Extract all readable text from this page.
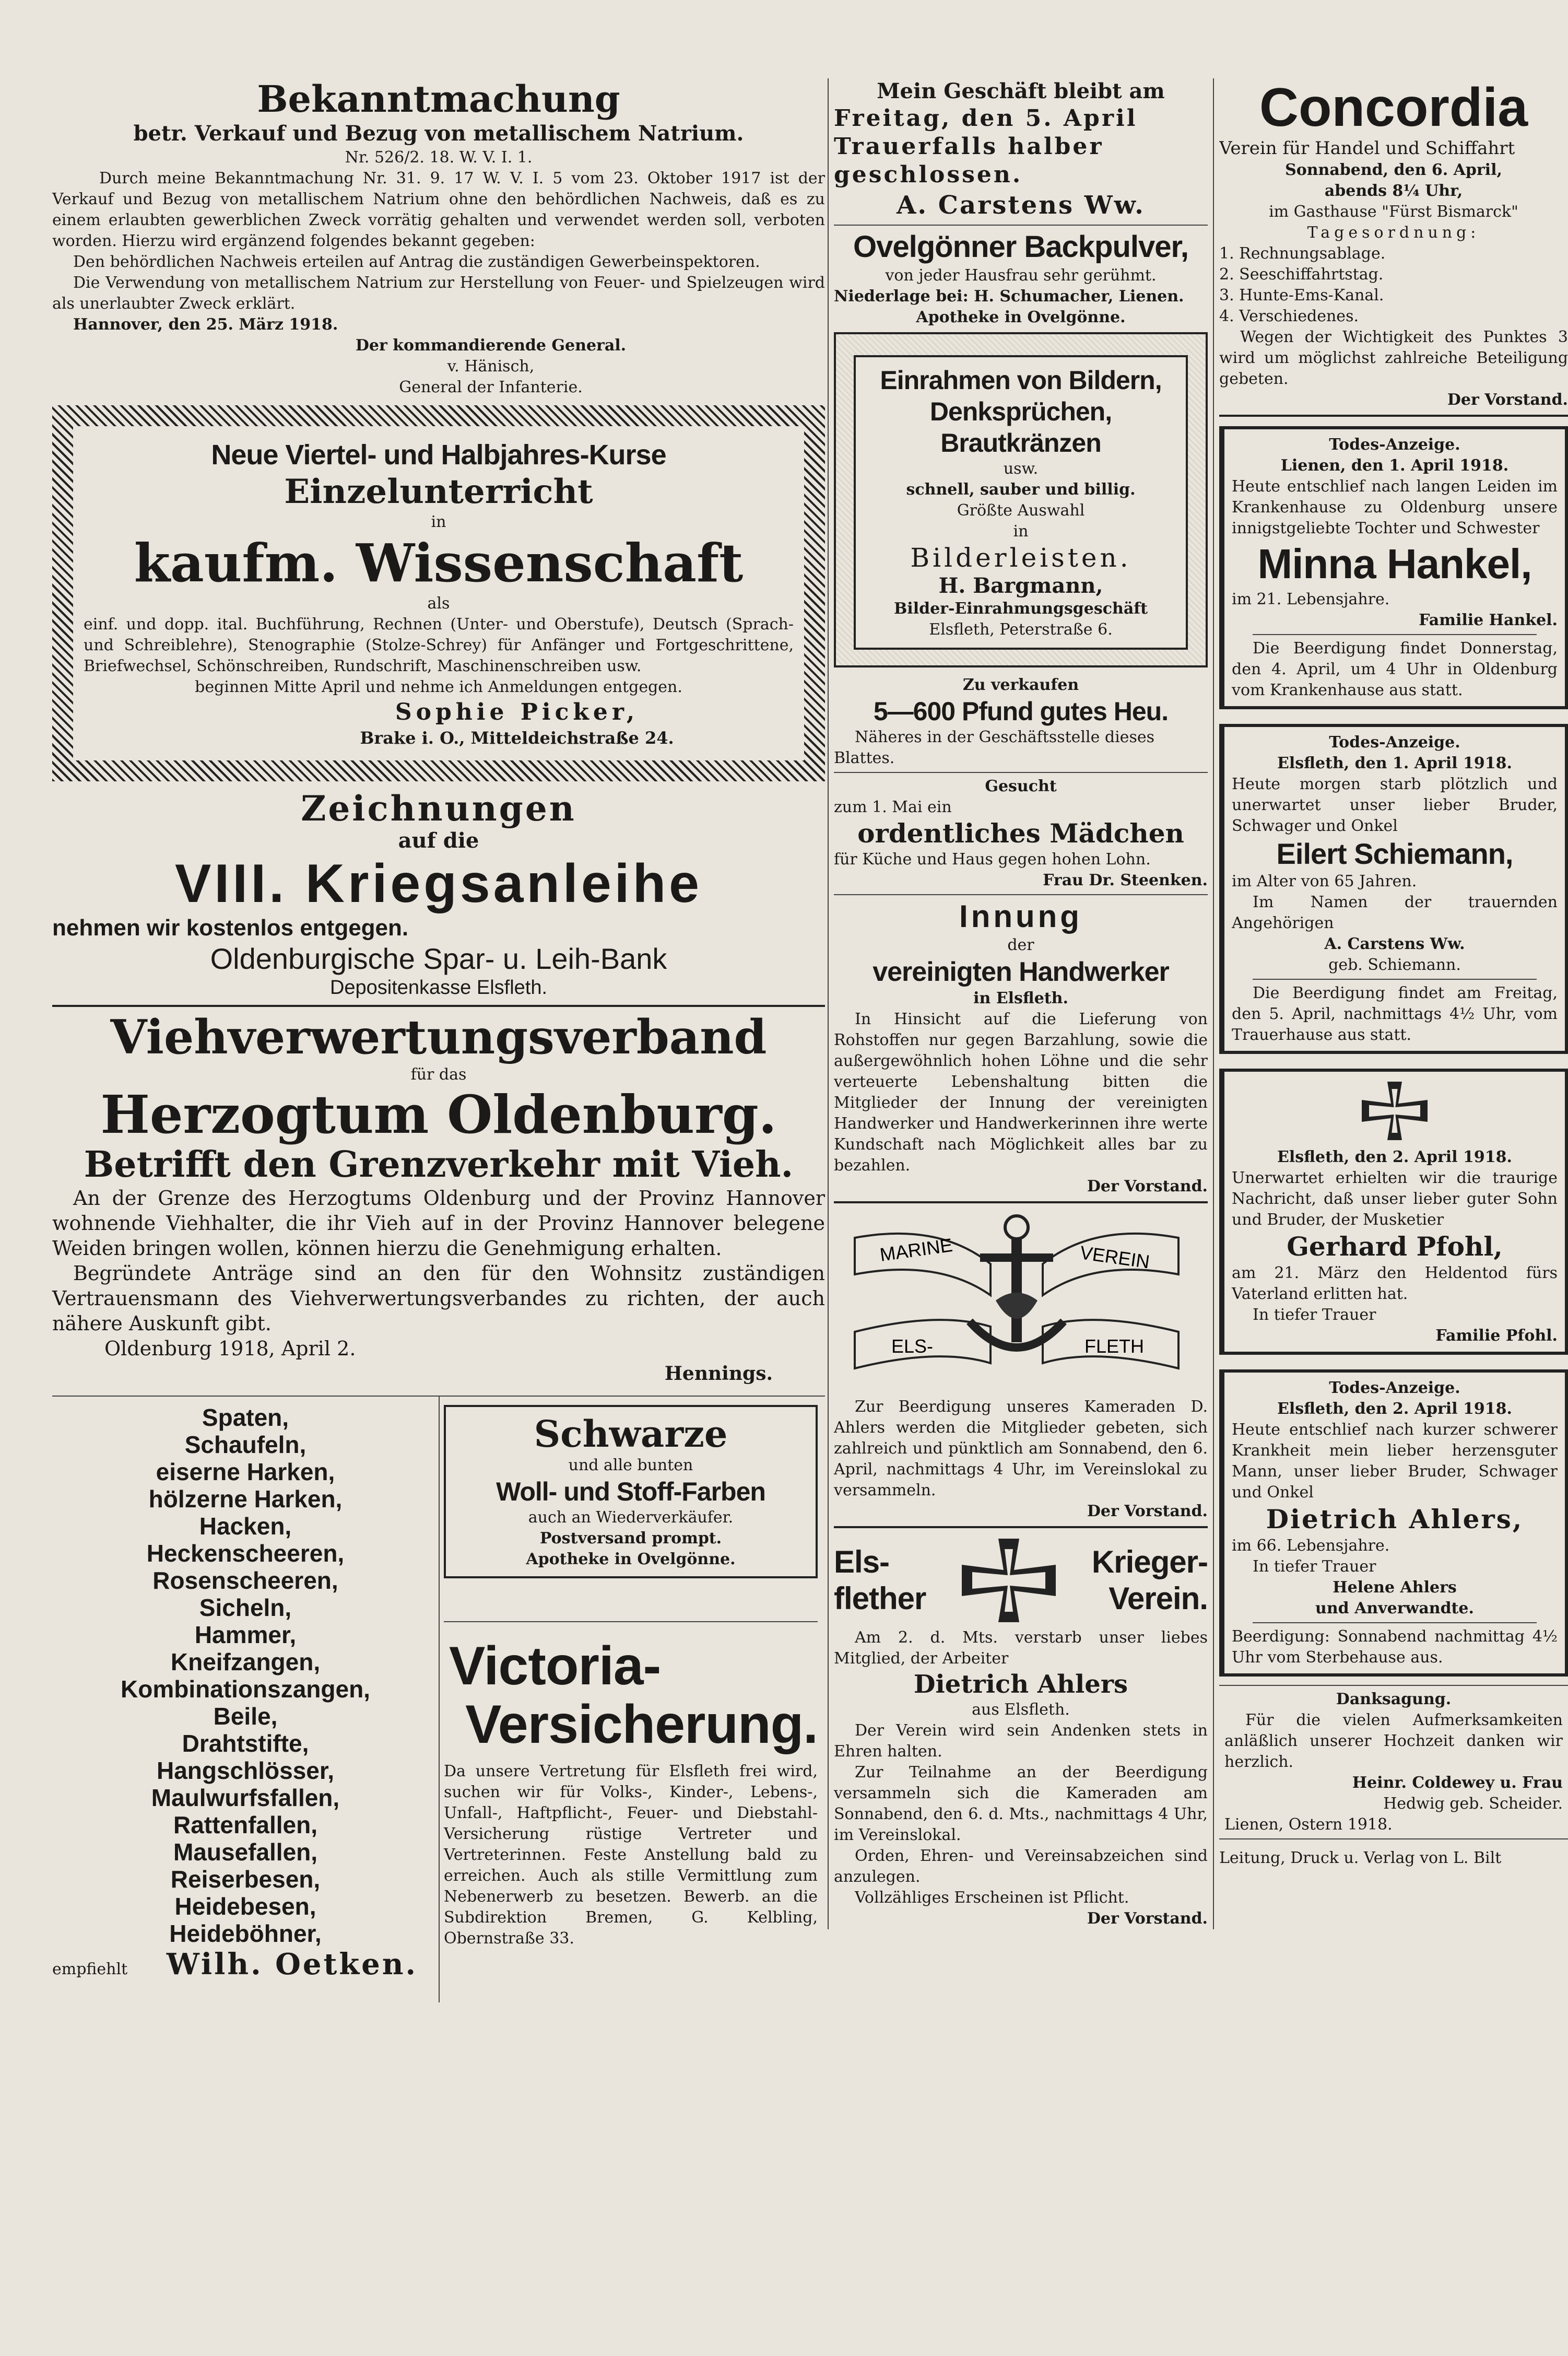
Bekanntmachung

betr. Verkauf und Bezug von metallischem Natrium.

Nr. 526/2. 18. W. V. I. 1.

Durch meine Bekanntmachung Nr. 31. 9. 17 W. V. I. 5 vom 23. Oktober 1917 ist der Verkauf und Bezug von metallischem Natrium ohne den behördlichen Nachweis, daß es zu einem erlaubten gewerblichen Zweck vorrätig gehalten und verwendet werden soll, verboten worden. Hierzu wird ergänzend folgendes bekannt gegeben:

Den behördlichen Nachweis erteilen auf Antrag die zuständigen Gewerbeinspektoren.

Die Verwendung von metallischem Natrium zur Herstellung von Feuer- und Spielzeugen wird als unerlaubter Zweck erklärt.

Hannover, den 25. März 1918.

Der kommandierende General.

v. Hänisch,

General der Infanterie.

Neue Viertel- und Halbjahres-Kurse

Einzelunterricht

in

kaufm. Wissenschaft

als

einf. und dopp. ital. Buchführung, Rechnen (Unter- und Oberstufe), Deutsch (Sprach- und Schreiblehre), Stenographie (Stolze-Schrey) für Anfänger und Fortgeschrittene, Briefwechsel, Schönschreiben, Rundschrift, Maschinenschreiben usw.

beginnen Mitte April und nehme ich Anmeldungen entgegen.

Sophie Picker,

Brake i. O., Mitteldeichstraße 24.

Zeichnungen

auf die

VIII. Kriegsanleihe

nehmen wir kostenlos entgegen.

Oldenburgische Spar- u. Leih-Bank

Depositenkasse Elsfleth.

Viehverwertungsverband

für das

Herzogtum Oldenburg.

Betrifft den Grenzverkehr mit Vieh.

An der Grenze des Herzogtums Oldenburg und der Provinz Hannover wohnende Viehhalter, die ihr Vieh auf in der Provinz Hannover belegene Weiden bringen wollen, können hierzu die Genehmigung erhalten.

Begründete Anträge sind an den für den Wohnsitz zuständigen Vertrauensmann des Viehverwertungsverbandes zu richten, der auch nähere Auskunft gibt.

Oldenburg 1918, April 2.

Hennings.

Spaten,

Schaufeln,

eiserne Harken,

hölzerne Harken,

Hacken,

Heckenscheeren,

Rosenscheeren,

Sicheln,

Hammer,

Kneifzangen,

Kombinationszangen,

Beile,

Drahtstifte,

Hangschlösser,

Maulwurfsfallen,

Rattenfallen,

Mausefallen,

Reiserbesen,

Heidebesen,

Heideböhner,

empfiehlt Wilh. Oetken.

Schwarze

und alle bunten

Woll- und Stoff-Farben

auch an Wiederverkäufer.

Postversand prompt.

Apotheke in Ovelgönne.

Victoria-

Versicherung.

Da unsere Vertretung für Elsfleth frei wird, suchen wir für Volks-, Kinder-, Lebens-, Unfall-, Haftpflicht-, Feuer- und Diebstahl-Versicherung rüstige Vertreter und Vertreterinnen. Feste Anstellung bald zu erreichen. Auch als stille Vermittlung zum Nebenerwerb zu besetzen. Bewerb. an die Subdirektion Bremen, G. Kelbling, Obernstraße 33.

Mein Geschäft bleibt am

Freitag, den 5. April

Trauerfalls halber geschlossen.

A. Carstens Ww.

Ovelgönner Backpulver,

von jeder Hausfrau sehr gerühmt.

Niederlage bei: H. Schumacher, Lienen.

Apotheke in Ovelgönne.

Einrahmen von Bildern,

Denksprüchen, Brautkränzen

usw.

schnell, sauber und billig.

Größte Auswahl

in

Bilderleisten.

H. Bargmann,

Bilder-Einrahmungsgeschäft

Elsfleth, Peterstraße 6.

Zu verkaufen

5—600 Pfund gutes Heu.

Näheres in der Geschäftsstelle dieses Blattes.

Gesucht

zum 1. Mai ein

ordentliches Mädchen

für Küche und Haus gegen hohen Lohn.

Frau Dr. Steenken.

Innung

der

vereinigten Handwerker

in Elsfleth.

In Hinsicht auf die Lieferung von Rohstoffen nur gegen Barzahlung, sowie die außergewöhnlich hohen Löhne und die sehr verteuerte Lebenshaltung bitten die Mitglieder der Innung der vereinigten Handwerker und Handwerkerinnen ihre werte Kundschaft nach Möglichkeit alles bar zu bezahlen.

Der Vorstand.

MARINE	VEREIN
ELS-	FLETH

Zur Beerdigung unseres Kameraden D. Ahlers werden die Mitglieder gebeten, sich zahlreich und pünktlich am Sonnabend, den 6. April, nachmittags 4 Uhr, im Vereinslokal zu versammeln.

Der Vorstand.

Els-

flether

Krieger-

Verein.

Am 2. d. Mts. verstarb unser liebes Mitglied, der Arbeiter

Dietrich Ahlers

aus Elsfleth.

Der Verein wird sein Andenken stets in Ehren halten.

Zur Teilnahme an der Beerdigung versammeln sich die Kameraden am Sonnabend, den 6. d. Mts., nachmittags 4 Uhr, im Vereinslokal.

Orden, Ehren- und Vereinsabzeichen sind anzulegen.

Vollzähliges Erscheinen ist Pflicht.

Der Vorstand.

Concordia

Verein für Handel und Schiffahrt

Sonnabend, den 6. April,

abends 8¼ Uhr,

im Gasthause "Fürst Bismarck"

Tagesordnung:

1. Rechnungsablage.

2. Seeschiffahrtstag.

3. Hunte-Ems-Kanal.

4. Verschiedenes.

Wegen der Wichtigkeit des Punktes 3 wird um möglichst zahlreiche Beteiligung gebeten.

Der Vorstand.

Todes-Anzeige.

Lienen, den 1. April 1918.

Heute entschlief nach langen Leiden im Krankenhause zu Oldenburg unsere innigstgeliebte Tochter und Schwester

Minna Hankel,

im 21. Lebensjahre.

Familie Hankel.

Die Beerdigung findet Donnerstag, den 4. April, um 4 Uhr in Oldenburg vom Krankenhause aus statt.

Todes-Anzeige.

Elsfleth, den 1. April 1918.

Heute morgen starb plötzlich und unerwartet unser lieber Bruder, Schwager und Onkel

Eilert Schiemann,

im Alter von 65 Jahren.

Im Namen der trauernden Angehörigen

A. Carstens Ww.

geb. Schiemann.

Die Beerdigung findet am Freitag, den 5. April, nachmittags 4½ Uhr, vom Trauerhause aus statt.

Elsfleth, den 2. April 1918.

Unerwartet erhielten wir die traurige Nachricht, daß unser lieber guter Sohn und Bruder, der Musketier

Gerhard Pfohl,

am 21. März den Heldentod fürs Vaterland erlitten hat.

In tiefer Trauer

Familie Pfohl.

Todes-Anzeige.

Elsfleth, den 2. April 1918.

Heute entschlief nach kurzer schwerer Krankheit mein lieber herzensguter Mann, unser lieber Bruder, Schwager und Onkel

Dietrich Ahlers,

im 66. Lebensjahre.

In tiefer Trauer

Helene Ahlers

und Anverwandte.

Beerdigung: Sonnabend nachmittag 4½ Uhr vom Sterbehause aus.

Danksagung.

Für die vielen Aufmerksamkeiten anläßlich unserer Hochzeit danken wir herzlich.

Heinr. Coldewey u. Frau

Hedwig geb. Scheider.

Lienen, Ostern 1918.

Leitung, Druck u. Verlag von L. Bilt
